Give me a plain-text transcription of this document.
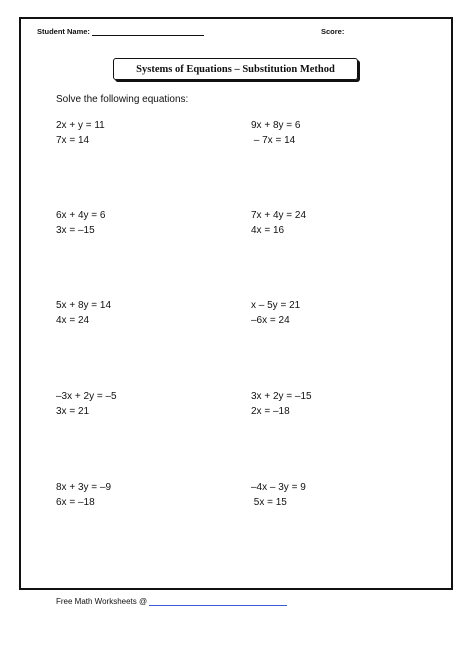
Student Name:	Score:
Systems of Equations – Substitution Method
Solve the following equations:
2x + y = 11
7x = 14
9x + 8y = 6
– 7x = 14
6x + 4y = 6
3x = –15
7x + 4y = 24
4x = 16
5x + 8y = 14
4x = 24
x – 5y = 21
–6x = 24
–3x + 2y = –5
3x = 21
3x + 2y = –15
2x = –18
8x + 3y = –9
6x = –18
–4x – 3y = 9
5x = 15
Free Math Worksheets @
